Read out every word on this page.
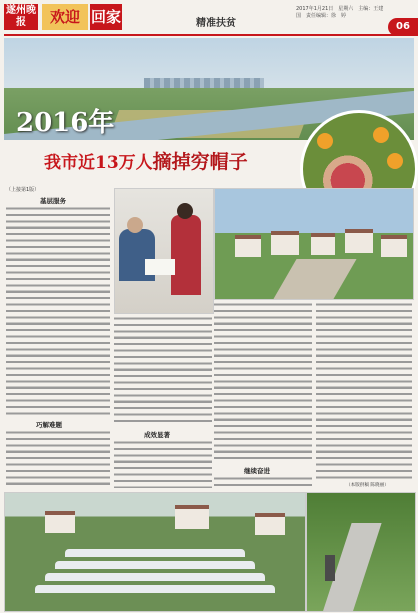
遂州晚报	欢迎 回家	精准扶贫
2017年1月21日　星期六　主编：王建国　责任编辑：徐　婷
06
2016年
我市近13万人摘掉穷帽子
（上接第1版）
基层服务
巧解难题
成效显著
继续奋进
（本版供稿 陈晓丽）
